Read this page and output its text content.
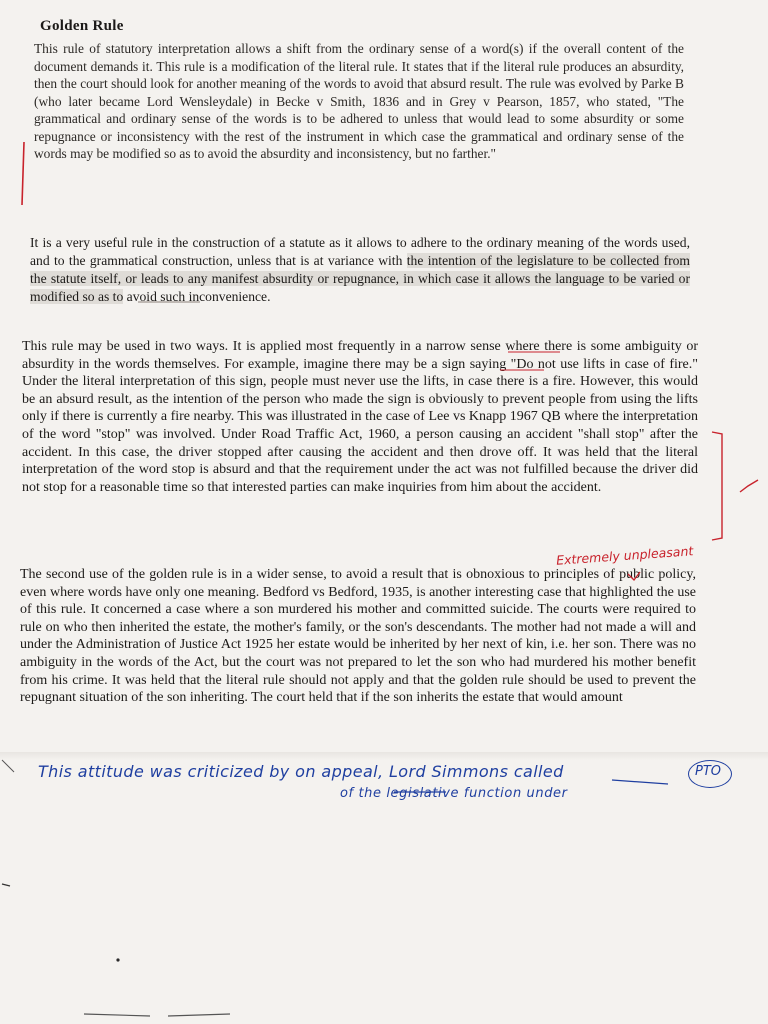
Golden Rule
This rule of statutory interpretation allows a shift from the ordinary sense of a word(s) if the overall content of the document demands it. This rule is a modification of the literal rule. It states that if the literal rule produces an absurdity, then the court should look for another meaning of the words to avoid that absurd result. The rule was evolved by Parke B (who later became Lord Wensleydale) in Becke v Smith, 1836 and in Grey v Pearson, 1857, who stated, "The grammatical and ordinary sense of the words is to be adhered to unless that would lead to some absurdity or some repugnance or inconsistency with the rest of the instrument in which case the grammatical and ordinary sense of the words may be modified so as to avoid the absurdity and inconsistency, but no farther."
It is a very useful rule in the construction of a statute as it allows to adhere to the ordinary meaning of the words used, and to the grammatical construction, unless that is at variance with the intention of the legislature to be collected from the statute itself, or leads to any manifest absurdity or repugnance, in which case it allows the language to be varied or modified so as to avoid such inconvenience.
This rule may be used in two ways. It is applied most frequently in a narrow sense where there is some ambiguity or absurdity in the words themselves. For example, imagine there may be a sign saying "Do not use lifts in case of fire." Under the literal interpretation of this sign, people must never use the lifts, in case there is a fire. However, this would be an absurd result, as the intention of the person who made the sign is obviously to prevent people from using the lifts only if there is currently a fire nearby. This was illustrated in the case of Lee vs Knapp 1967 QB where the interpretation of the word "stop" was involved. Under Road Traffic Act, 1960, a person causing an accident "shall stop" after the accident. In this case, the driver stopped after causing the accident and then drove off. It was held that the literal interpretation of the word stop is absurd and that the requirement under the act was not fulfilled because the driver did not stop for a reasonable time so that interested parties can make inquiries from him about the accident.
The second use of the golden rule is in a wider sense, to avoid a result that is obnoxious to principles of public policy, even where words have only one meaning. Bedford vs Bedford, 1935, is another interesting case that highlighted the use of this rule. It concerned a case where a son murdered his mother and committed suicide. The courts were required to rule on who then inherited the estate, the mother's family, or the son's descendants. The mother had not made a will and under the Administration of Justice Act 1925 her estate would be inherited by her next of kin, i.e. her son. There was no ambiguity in the words of the Act, but the court was not prepared to let the son who had murdered his mother benefit from his crime. It was held that the literal rule should not apply and that the golden rule should be used to prevent the repugnant situation of the son inheriting. The court held that if the son inherits the estate that would amount
Extremely unpleasant
This attitude was criticized by on appeal, Lord Simmons called
of the legislative function under
PTO
